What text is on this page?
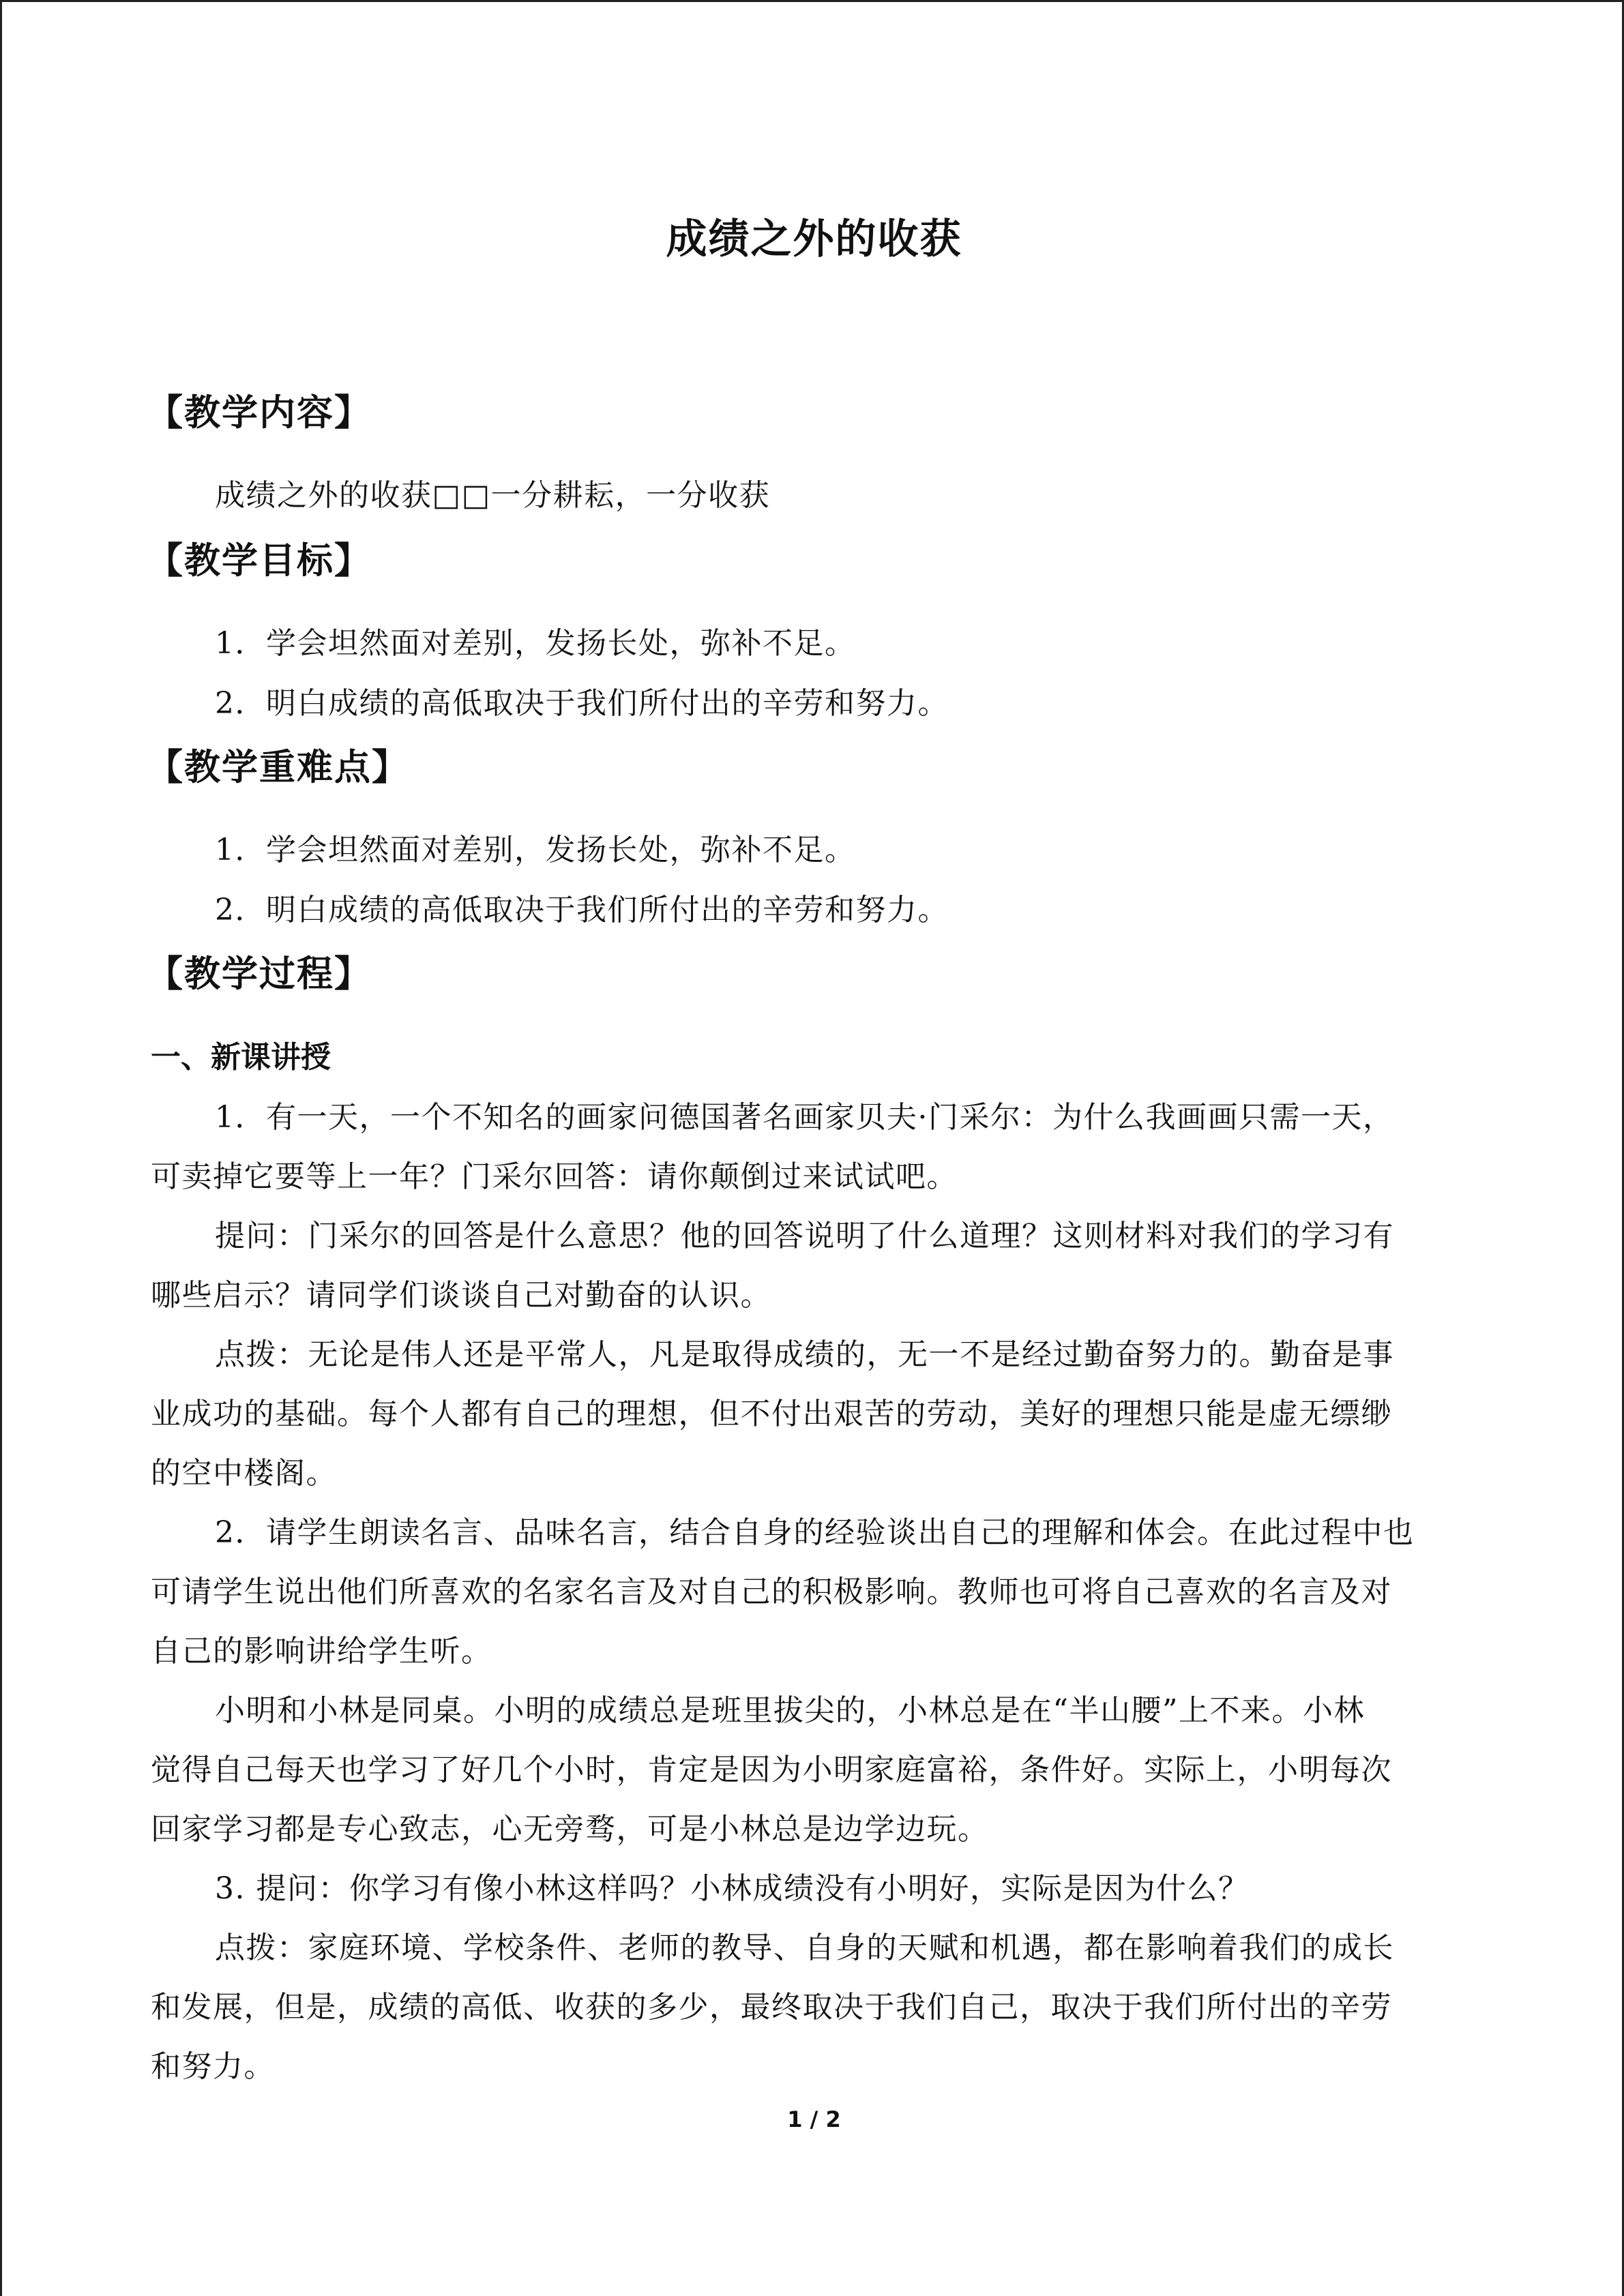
成绩之外的收获
【教学内容】
成绩之外的收获□□一分耕耘，一分收获
【教学目标】
1．学会坦然面对差别，发扬长处，弥补不足。
2．明白成绩的高低取决于我们所付出的辛劳和努力。
【教学重难点】
1．学会坦然面对差别，发扬长处，弥补不足。
2．明白成绩的高低取决于我们所付出的辛劳和努力。
【教学过程】
一、新课讲授
1．有一天，一个不知名的画家问德国著名画家贝夫·门采尔：为什么我画画只需一天，
可卖掉它要等上一年？门采尔回答：请你颠倒过来试试吧。
提问：门采尔的回答是什么意思？他的回答说明了什么道理？这则材料对我们的学习有
哪些启示？请同学们谈谈自己对勤奋的认识。
点拨：无论是伟人还是平常人，凡是取得成绩的，无一不是经过勤奋努力的。勤奋是事
业成功的基础。每个人都有自己的理想，但不付出艰苦的劳动，美好的理想只能是虚无缥缈
的空中楼阁。
2．请学生朗读名言、品味名言，结合自身的经验谈出自己的理解和体会。在此过程中也
可请学生说出他们所喜欢的名家名言及对自己的积极影响。教师也可将自己喜欢的名言及对
自己的影响讲给学生听。
小明和小林是同桌。小明的成绩总是班里拔尖的，小林总是在“半山腰”上不来。小林
觉得自己每天也学习了好几个小时，肯定是因为小明家庭富裕，条件好。实际上，小明每次
回家学习都是专心致志，心无旁骛，可是小林总是边学边玩。
3. 提问：你学习有像小林这样吗？小林成绩没有小明好，实际是因为什么？
点拨：家庭环境、学校条件、老师的教导、自身的天赋和机遇，都在影响着我们的成长
和发展，但是，成绩的高低、收获的多少，最终取决于我们自己，取决于我们所付出的辛劳
和努力。
1 / 2
